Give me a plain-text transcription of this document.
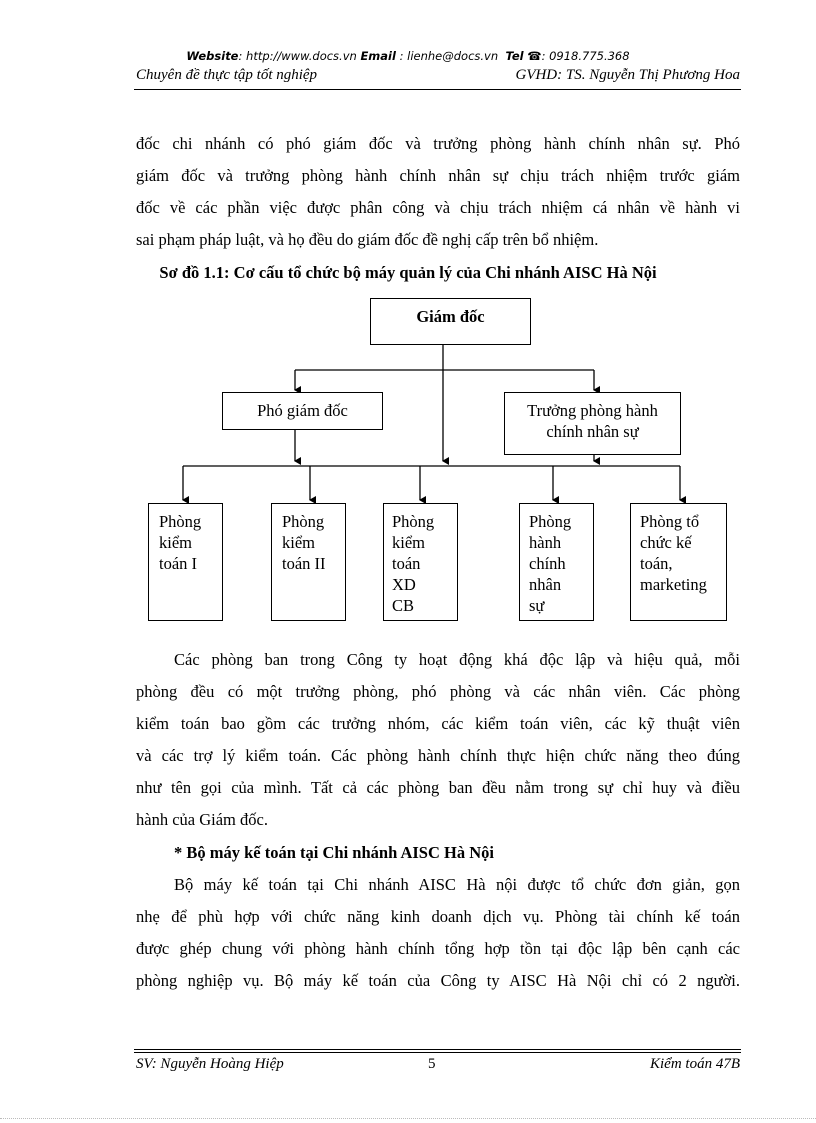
Website: http://www.docs.vn Email : lienhe@docs.vn Tel ☎: 0918.775.368
Chuyên đề thực tập tốt nghiệp	GVHD: TS. Nguyễn Thị Phương Hoa
đốc chi nhánh có phó giám đốc và trưởng phòng hành chính nhân sự. Phó
giám đốc và trưởng phòng hành chính nhân sự chịu trách nhiệm trước giám
đốc về các phần việc được phân công và chịu trách nhiệm cá nhân về hành vi
sai phạm pháp luật, và họ đều do giám đốc đề nghị cấp trên bổ nhiệm.
Sơ đồ 1.1: Cơ cấu tổ chức bộ máy quản lý của Chi nhánh AISC Hà Nội
Giám đốc
Phó giám đốc	Trưởng phòng hành
chính nhân sự
Phòng
kiểm
toán I
Phòng
kiểm
toán II
Phòng
kiểm
toán
XD
CB
Phòng
hành
chính
nhân
sự
Phòng tổ
chức kế
toán,
marketing
Các phòng ban trong Công ty hoạt động khá độc lập và hiệu quả, mỗi
phòng đều có một trưởng phòng, phó phòng và các nhân viên. Các phòng
kiểm toán bao gồm các trưởng nhóm, các kiểm toán viên, các kỹ thuật viên
và các trợ lý kiểm toán. Các phòng hành chính thực hiện chức năng theo đúng
như tên gọi của mình. Tất cả các phòng ban đều nằm trong sự chỉ huy và điều
hành của Giám đốc.
* Bộ máy kế toán tại Chi nhánh AISC Hà Nội
Bộ máy kế toán tại Chi nhánh AISC Hà nội được tổ chức đơn giản, gọn
nhẹ để phù hợp với chức năng kinh doanh dịch vụ. Phòng tài chính kế toán
được ghép chung với phòng hành chính tổng hợp tồn tại độc lập bên cạnh các
phòng nghiệp vụ. Bộ máy kế toán của Công ty AISC Hà Nội chỉ có 2 người.
SV: Nguyễn Hoàng Hiệp	5	Kiểm toán 47B
